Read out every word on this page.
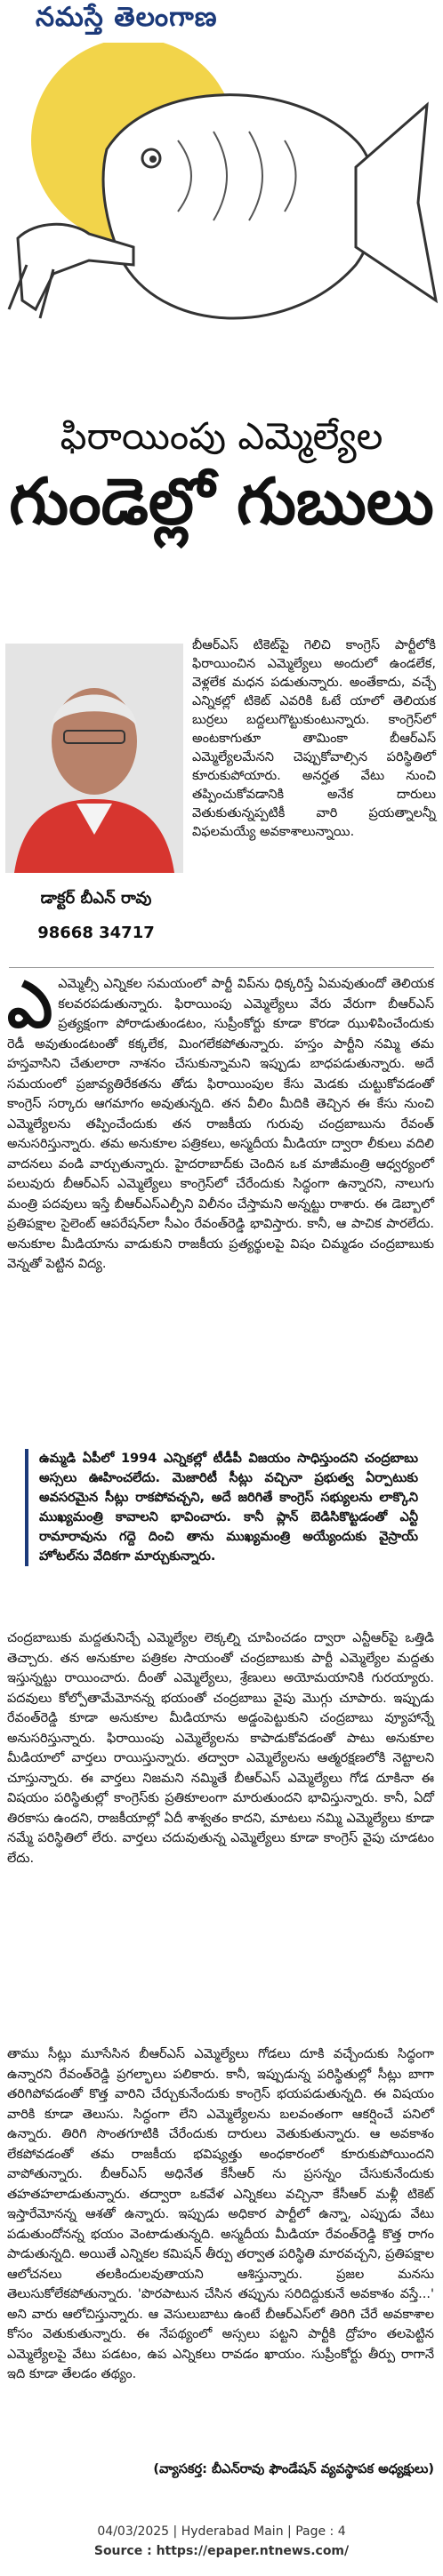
నమస్తే తెలంగాణ
ఫిరాయింపు ఎమ్మెల్యేల
గుండెల్లో గుబులు
డాక్టర్ బీఎన్ రావు
98668 34717
బీఆర్ఎస్ టికెట్‌పై గెలిచి కాంగ్రెస్ పార్టీలోకి ఫిరాయించిన ఎమ్మెల్యేలు అందులో ఉండలేక, వెళ్లలేక మధన పడుతున్నారు. అంతేకాదు, వచ్చే ఎన్నికల్లో టికెట్ ఎవరికి ఓటే యాలో తెలియక బుర్రలు బద్దలుగొట్టుకుంటున్నారు. కాంగ్రెస్‌లో అంటకాగుతూ తామింకా బీఆర్ఎస్ ఎమ్మెల్యేలమేనని చెప్పుకోవాల్సిన పరిస్థితిలో కూరుకుపోయారు. అనర్హత వేటు నుంచి తప్పించుకోవడానికి అనేక దారులు వెతుకుతున్నప్పటికీ వారి ప్రయత్నాలన్నీ విఫలమయ్యే అవకాశాలున్నాయి.
ఎఎమ్మెల్సీ ఎన్నికల సమయంలో పార్టీ విప్‌ను ధిక్కరిస్తే ఏమవుతుందో తెలియక కలవరపడుతున్నారు. ఫిరాయింపు ఎమ్మెల్యేలు వేరు వేరుగా బీఆర్ఎస్ ప్రత్యక్షంగా పోరాడుతుండటం, సుప్రీంకోర్టు కూడా కొరడా ఝుళిపించేందుకు రెడీ అవుతుండటంతో కక్కలేక, మింగలేకపోతున్నారు. హస్తం పార్టీని నమ్మి తమ హస్తవాసిని చేతులారా నాశనం చేసుకున్నామని ఇప్పుడు బాధపడుతున్నారు. అదే సమయంలో ప్రజావ్యతిరేకతను తోడు ఫిరాయింపుల కేసు మెడకు చుట్టుకోవడంతో కాంగ్రెస్ సర్కారు ఆగమాగం అవుతున్నది. తన వీలిం మీదికి తెచ్చిన ఈ కేసు నుంచి ఎమ్మెల్యేలను తప్పించేందుకు తన రాజకీయ గురువు చంద్రబాబును రేవంత్ అనుసరిస్తున్నారు. తమ అనుకూల పత్రికలు, అస్మదీయ మీడియా ద్వారా లీకులు వదిలి వాదనలు వండి వార్చుతున్నారు. హైదరాబాద్‌కు చెందిన ఒక మాజీమంత్రి ఆధ్వర్యంలో పలువురు బీఆర్ఎస్ ఎమ్మెల్యేలు కాంగ్రెస్‌లో చేరేందుకు సిద్ధంగా ఉన్నారని, నాలుగు మంత్రి పదవులు ఇస్తే బీఆర్ఎస్ఎల్పీని విలీనం చేస్తామని అన్నట్టు రాశారు. ఈ డెబ్బాలో ప్రతిపక్షాల సైలెంట్ ఆపరేషన్‌లా సీఎం రేవంత్‌రెడ్డి భావిస్తారు. కానీ, ఆ పాచిక పారలేదు. అనుకూల మీడియాను వాడుకుని రాజకీయ ప్రత్యర్థులపై విషం చిమ్మడం చంద్రబాబుకు వెన్నతో పెట్టిన విద్య.
ఉమ్మడి ఏపీలో 1994 ఎన్నికల్లో టీడీపీ విజయం సాధిస్తుందని చంద్రబాబు అస్సలు ఊహించలేదు. మెజారిటీ సీట్లు వచ్చినా ప్రభుత్వ ఏర్పాటుకు అవసరమైన సీట్లు రాకపోవచ్చని, అదే జరిగితే కాంగ్రెస్ సభ్యులను లాక్కొని ముఖ్యమంత్రి కావాలని భావించారు. కానీ ప్లాన్ బెడిసికొట్టడంతో ఎన్టీ రామారావును గద్దె దించి తాను ముఖ్యమంత్రి అయ్యేందుకు వైస్రాయ్ హోటల్‌ను వేదికగా మార్చుకున్నారు.
చంద్రబాబుకు మద్దతునిచ్చే ఎమ్మెల్యేల లెక్కల్ని చూపించడం ద్వారా ఎన్టీఆర్‌పై ఒత్తిడి తెచ్చారు. తన అనుకూల పత్రికల సాయంతో చంద్రబాబుకు పార్టీ ఎమ్మెల్యేల మద్దతు ఇస్తున్నట్టు రాయించారు. దీంతో ఎమ్మెల్యేలు, శ్రేణులు అయోమయానికి గురయ్యారు. పదవులు కోల్పోతామేమోనన్న భయంతో చంద్రబాబు వైపు మొగ్గు చూపారు. ఇప్పుడు రేవంత్‌రెడ్డి కూడా అనుకూల మీడియాను అడ్డంపెట్టుకుని చంద్రబాబు వ్యూహాన్నే అనుసరిస్తున్నారు. ఫిరాయింపు ఎమ్మెల్యేలను కాపాడుకోవడంతో పాటు అనుకూల మీడియాలో వార్తలు రాయిస్తున్నారు. తద్వారా ఎమ్మెల్యేలను ఆత్మరక్షణలోకి నెట్టాలని చూస్తున్నారు. ఈ వార్తలు నిజమని నమ్మితే బీఆర్ఎస్ ఎమ్మెల్యేలు గోడ దూకినా ఈ విషయం పరిస్థితుల్లో కాంగ్రెస్‌కు ప్రతికూలంగా మారుతుందని భావిస్తున్నారు. కానీ, ఏదో తిరకాసు ఉందని, రాజకీయాల్లో ఏదీ శాశ్వతం కాదని, మాటలు నమ్మి ఎమ్మెల్యేలు కూడా నమ్మే పరిస్థితిలో లేరు. వార్తలు చదువుతున్న ఎమ్మెల్యేలు కూడా కాంగ్రెస్ వైపు చూడటం లేదు.
తాము సీట్లు మూసేసిన బీఆర్ఎస్ ఎమ్మెల్యేలు గోడలు దూకి వచ్చేందుకు సిద్ధంగా ఉన్నారని రేవంత్‌రెడ్డి ప్రగల్భాలు పలికారు. కానీ, ఇప్పుడున్న పరిస్థితుల్లో సీట్లు బాగా తరిగిపోవడంతో కొత్త వారిని చేర్చుకునేందుకు కాంగ్రెస్ భయపడుతున్నది. ఈ విషయం వారికి కూడా తెలుసు. సిద్ధంగా లేని ఎమ్మెల్యేలను బలవంతంగా ఆకర్షించే పనిలో ఉన్నారు. తిరిగి సొంతగూటికి చేరేందుకు దారులు వెతుకుతున్నారు. ఆ అవకాశం లేకపోవడంతో తమ రాజకీయ భవిష్యత్తు అంధకారంలో కూరుకుపోయిందని వాపోతున్నారు. బీఆర్ఎస్ అధినేత కేసీఆర్ ను ప్రసన్నం చేసుకునేందుకు తహతహలాడుతున్నారు. తద్వారా ఒకవేళ ఎన్నికలు వచ్చినా కేసీఆర్ మళ్లీ టికెట్ ఇస్తారేమోనన్న ఆశతో ఉన్నారు. ఇప్పుడు అధికార పార్టీలో ఉన్నా, ఎప్పుడు వేటు పడుతుందోనన్న భయం వెంటాడుతున్నది. అస్మదీయ మీడియా రేవంత్‌రెడ్డి కొత్త రాగం పాడుతున్నది. అయితే ఎన్నికల కమిషన్ తీర్పు తర్వాత పరిస్థితి మారవచ్చని, ప్రతిపక్షాల ఆలోచనలు తలకిందులవుతాయని ఆశిస్తున్నారు. ప్రజల మనసు తెలుసుకోలేకపోతున్నారు. 'పొరపాటున చేసిన తప్పును సరిదిద్దుకునే అవకాశం వస్తే...' అని వారు ఆలోచిస్తున్నారు. ఆ వెసులుబాటు ఉంటే బీఆర్ఎస్‌లో తిరిగి చేరే అవకాశాల కోసం వెతుకుతున్నారు. ఈ నేపథ్యంలో అస్సలు పట్టని పార్టీకి ద్రోహం తలపెట్టిన ఎమ్మెల్యేలపై వేటు పడటం, ఉప ఎన్నికలు రావడం ఖాయం. సుప్రీంకోర్టు తీర్పు రాగానే ఇది కూడా తేలడం తథ్యం.
(వ్యాసకర్త: బీఎన్‌రావు ఫౌండేషన్ వ్యవస్థాపక అధ్యక్షులు)
04/03/2025 | Hyderabad Main | Page : 4
Source : https://epaper.ntnews.com/
